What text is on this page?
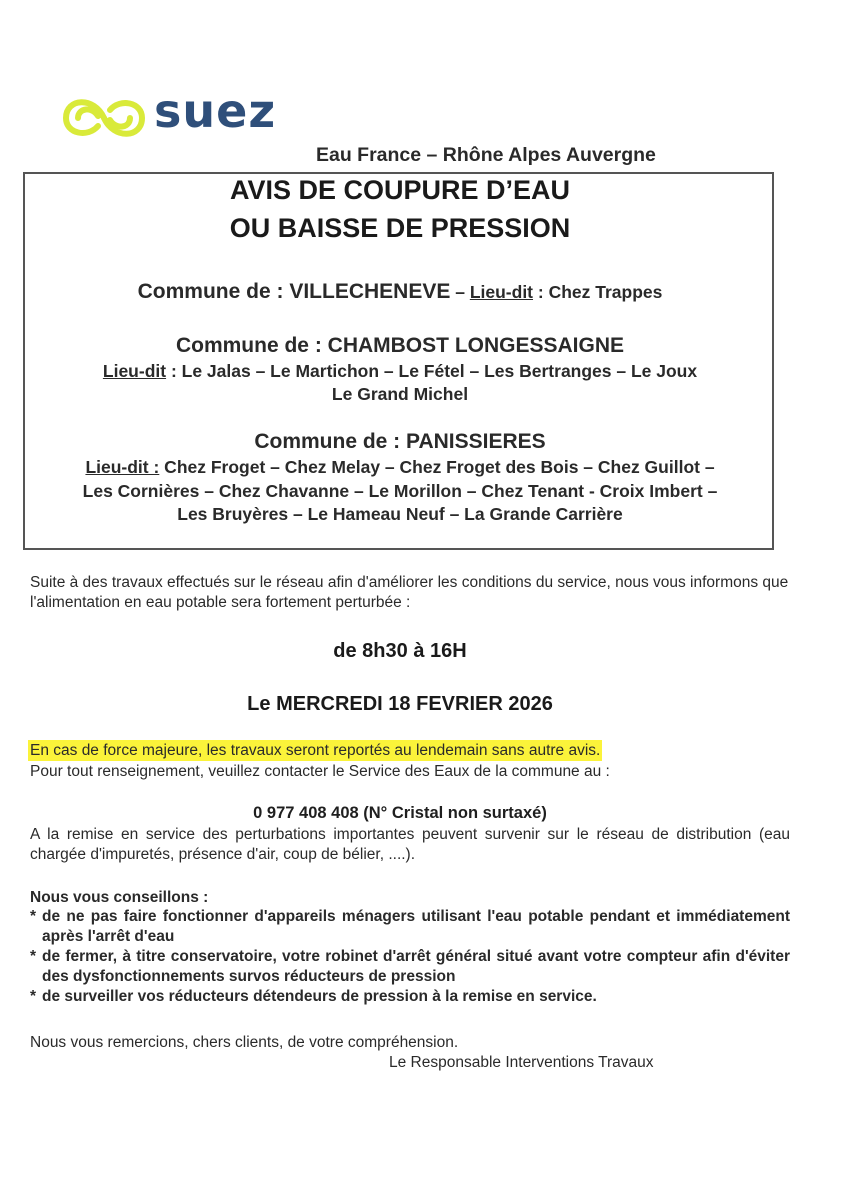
suez
Eau France – Rhône Alpes Auvergne
AVIS DE COUPURE D’EAU
OU BAISSE DE PRESSION
Commune de : VILLECHENEVE – Lieu-dit : Chez Trappes
Commune de : CHAMBOST LONGESSAIGNE
Lieu-dit : Le Jalas – Le Martichon – Le Fétel – Les Bertranges – Le Joux
Le Grand Michel
Commune de : PANISSIERES
Lieu-dit : Chez Froget – Chez Melay – Chez Froget des Bois – Chez Guillot –
Les Cornières – Chez Chavanne – Le Morillon – Chez Tenant - Croix Imbert –
Les Bruyères – Le Hameau Neuf – La Grande Carrière
Suite à des travaux effectués sur le réseau afin d'améliorer les conditions du service, nous vous informons que l'alimentation en eau potable sera fortement perturbée :
de 8h30 à 16H
Le MERCREDI 18 FEVRIER 2026
En cas de force majeure, les travaux seront reportés au lendemain sans autre avis.
Pour tout renseignement, veuillez contacter le Service des Eaux de la commune au :
0 977 408 408 (N° Cristal non surtaxé)
A la remise en service des perturbations importantes peuvent survenir sur le réseau de distribution (eau chargée d'impuretés, présence d'air, coup de bélier, ....).
Nous vous conseillons :
* de ne pas faire fonctionner d'appareils ménagers utilisant l'eau potable pendant et immédiatement après l'arrêt d'eau
* de fermer, à titre conservatoire, votre robinet d'arrêt général situé avant votre compteur afin d'éviter des dysfonctionnements survos réducteurs de pression
* de surveiller vos réducteurs détendeurs de pression à la remise en service.
Nous vous remercions, chers clients, de votre compréhension.
Le Responsable Interventions Travaux
